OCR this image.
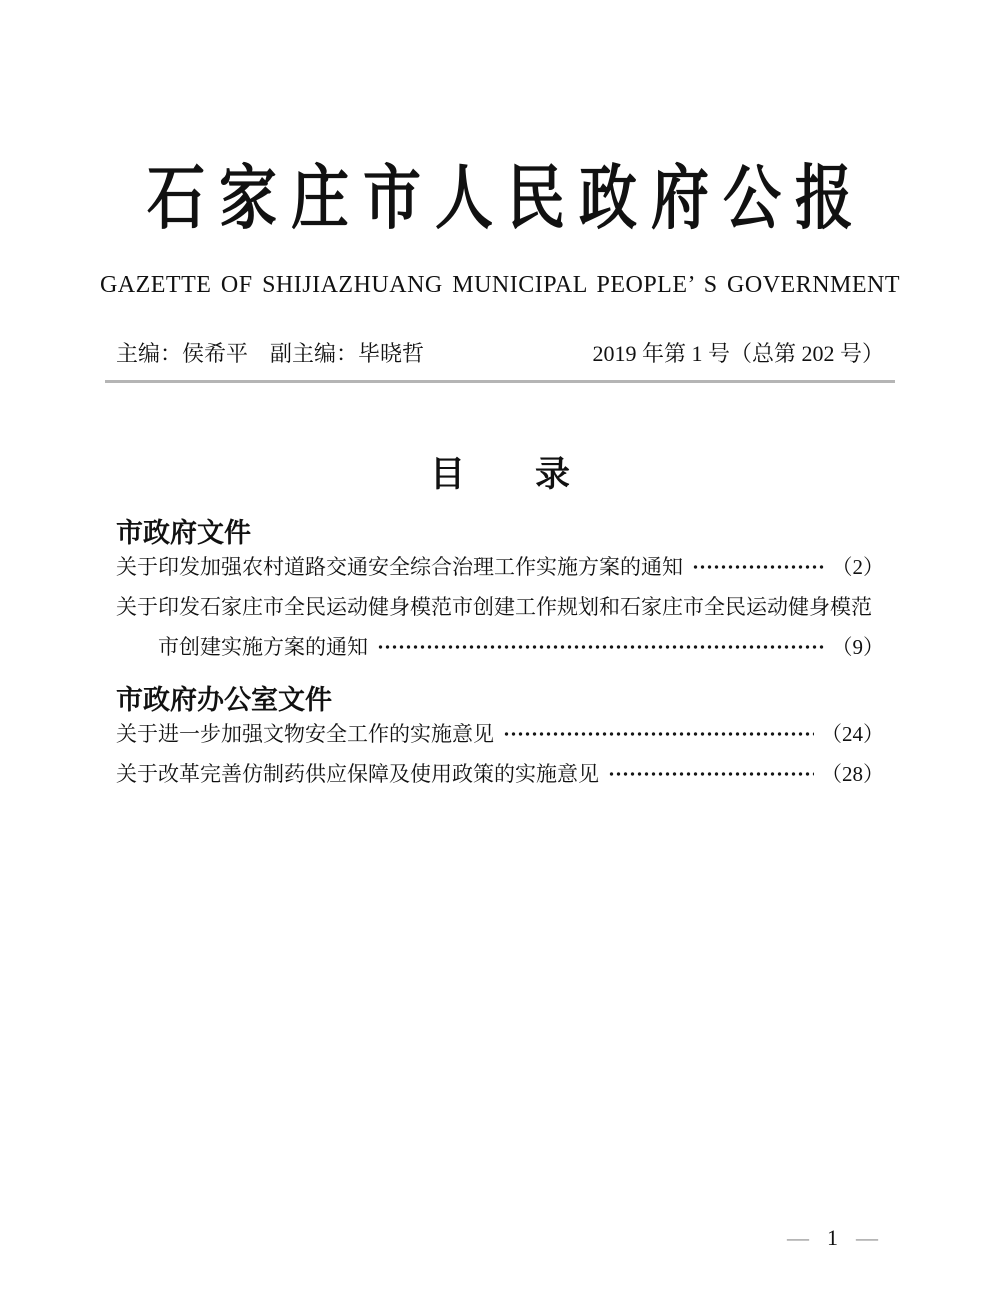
石家庄市人民政府公报
GAZETTE OF SHIJIAZHUANG MUNICIPAL PEOPLE’ S GOVERNMENT
主编：侯希平　副主编：毕晓哲	2019 年第 1 号（总第 202 号）
目　　录
市政府文件
关于印发加强农村道路交通安全综合治理工作实施方案的通知	（2）
关于印发石家庄市全民运动健身模范市创建工作规划和石家庄市全民运动健身模范
市创建实施方案的通知	（9）
市政府办公室文件
关于进一步加强文物安全工作的实施意见	（24）
关于改革完善仿制药供应保障及使用政策的实施意见	（28）

— 1 —
